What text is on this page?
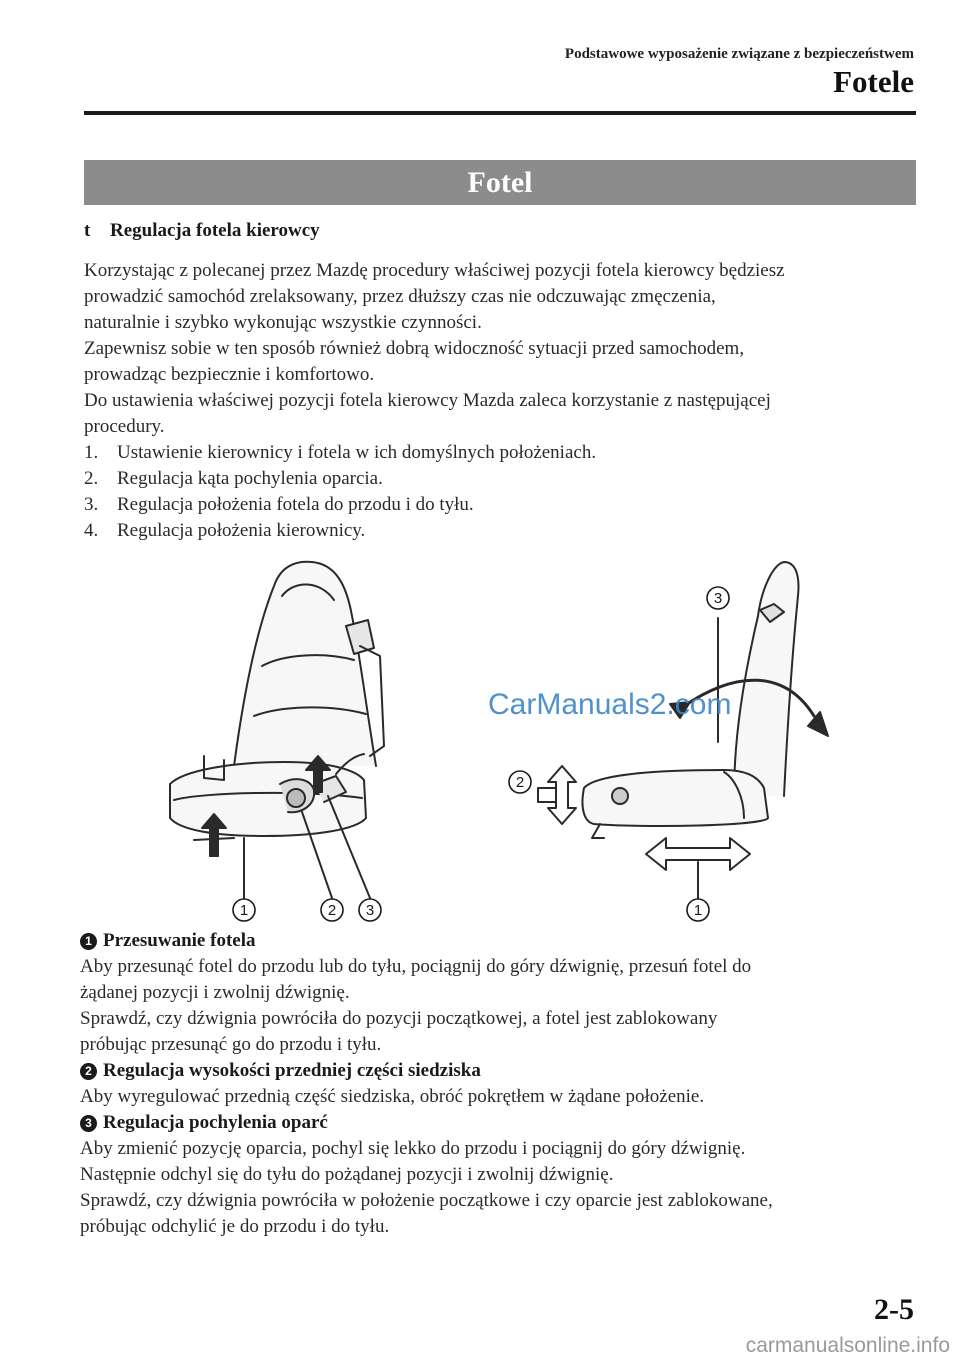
Podstawowe wyposażenie związane z bezpieczeństwem
Fotele
Fotel
t Regulacja fotela kierowcy

Korzystając z polecanej przez Mazdę procedury właściwej pozycji fotela kierowcy będziesz

prowadzić samochód zrelaksowany, przez dłuższy czas nie odczuwając zmęczenia,

naturalnie i szybko wykonując wszystkie czynności.

Zapewnisz sobie w ten sposób również dobrą widoczność sytuacji przed samochodem,

prowadząc bezpiecznie i komfortowo.

Do ustawienia właściwej pozycji fotela kierowcy Mazda zaleca korzystanie z następującej

procedury.

1. Ustawienie kierownicy i fotela w ich domyślnych położeniach.
2. Regulacja kąta pochylenia oparcia.
3. Regulacja położenia fotela do przodu i do tyłu.
4. Regulacja położenia kierownicy.
1	2 3
3
2
1
CarManuals2.com
1 Przesuwanie fotela

Aby przesunąć fotel do przodu lub do tyłu, pociągnij do góry dźwignię, przesuń fotel do

żądanej pozycji i zwolnij dźwignię.

Sprawdź, czy dźwignia powróciła do pozycji początkowej, a fotel jest zablokowany

próbując przesunąć go do przodu i tyłu.

2 Regulacja wysokości przedniej części siedziska

Aby wyregulować przednią część siedziska, obróć pokrętłem w żądane położenie.

3 Regulacja pochylenia oparć

Aby zmienić pozycję oparcia, pochyl się lekko do przodu i pociągnij do góry dźwignię.

Następnie odchyl się do tyłu do pożądanej pozycji i zwolnij dźwignię.

Sprawdź, czy dźwignia powróciła w położenie początkowe i czy oparcie jest zablokowane,

próbując odchylić je do przodu i do tyłu.

2-5
carmanualsonline.info
